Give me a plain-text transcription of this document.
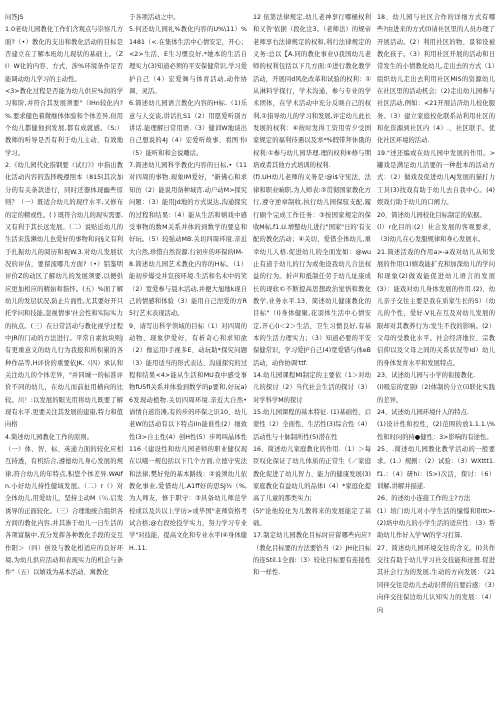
问答JS

1.0老幼儿园教化工作们含观点与崇察几方面?（•）教化的支出和教化活动的目标是否建立在了解本班幼儿现状的基础上。（ZI）W化的内容、方式、涉%环境条件足否能调动幼儿学习的主动性。

<3>教化过程是否能为幼儿供应%润的学习和阶,并符合其发展须要"（IHn较化内?%.要求健色着微继体体验和个体差异,但用个幼儿都健他到发展,都有成就感。（S;）教师的听导是否有利于幼儿主动、有效地学习。

2.《幼儿园代化指钢要（试行》》中指出教化活动内容的选择晚遵照本（815(其次加分的有关条款进行，同时还器体现幽些原则？（一）既适合幼儿的现疗水平,又修布的定的精或性。( ) 既符合幼儿的现实需要,又有利于其长远发展。（二）说贴近幼儿的生活来选濒幼儿也爱好的事物和问§义有利于扎振幼儿的阅历和视W.3.对幼儿发展状况的评估，要留流哪几方面?（•）铝鉴明评价Z的动区了解幼儿的发展须要,以便供应更加相应的精始和指怀。(五）%面了解幼儿的发层状况,防止片面性,尤其要好开只托学问和技能,忽视情事'社会性和实际实力的执点。(三）在日常活动与教化视学过程中JR的门动的方法进行。平常自素抗块则J有更重意义的幼儿行为我报和所积累的各种作品等,H评价的重要依JK.（四）承认和关注幼儿的个体差异，"并同城一的标准评价不同的幼儿，在幼儿而前扯用横向的比较。川！:以发展的眼光用将幼儿既要了解现有水平.更要关注其发展的建康,特力和值向格

4.简述幼儿园教化工作的原则。

（一）体、智、标、英通力面的较化应相互持透，有机结合,遵德幼儿身心发展的规律,符合幼儿的年特点,积您个体差异.WAIfn.小好幼儿持性健域发展。（二）r（）对全体幼儿,用爱幼儿，坚持主动M（％.启发诱导的正面较化。（三）合理地统合组织各方间的教化内容,并其渗于幼儿一日生活的各项富脑中,充分发挥各种教化手段的交互作阳＞（四）创设与教化相适应的良好环境,为幼儿供应活动和表现实力的机会与条件"（五）以嬉戏为基本活动、寓教化

于各项活动之中。

5.何还幼儿园礼%教化内容的U%\11）%1481（<.在集体生活中心情安定，开心；<2>生活、E生习惯良好,*她本的生活自理实力(3)知道必须的平安保健常识,学习爱护自己（4）宏爱舞与体育活动,动作协调、灵活。

6.简述幼儿园语言教化内容的H标.（1)乐意与人交谈,讲话扎S1（2）用愿爱听别方讲话.能理解日常用语.（3）健训W地谈出自己想说的4J（4）宏爱听故事、看图书I（5）能听和和会说雕话。

7.简述幼儿园科学教化内容的日标,•《11对四周的事物.现象IM爱好，"新佛心和求知彷（2）能说用备种域宵.动户动M>探究问题：（3）能用Jd地的方式说达,沟通探究的过程和结果:（4）能从生活和嬉戏中感受事物的数M关系并体的到数学的要息和好玩。（5）较强动MB.关切四周环境.亲近大自然,珍惜自然资源.行初步的环保的IM-

8.简述幼儿园艺术教化内容的H标。（1）能初步爆受并宣孩环境.生活和名术中的笑（2）宽爱参与晨木活动,并便大旭地k现自己的情感和体验（3）能用自己涅爱的方R5行艺术表现活动。

9、请写出科学领域的目标（1）对四周的动物、现象伊爱好，有析奇心和求知欲（2）像运用I手视多E、动玩助*探究问题（3）能用适当的形式表达、沟通探究的过程和结果<4>能从生活和MU我中感受事物fU5fl关系并体验到数学的p要和,好玩a)6发现动植物.关切四周环境.亲近大自然•请情自道资滩,有的步的环保之识10、幼儿老W的活动有以下特点IIn能谁性(2）细致性(3>自主性(4）创H性(5）步鸣叫晶体性116《建设性和幼儿园老师的职业健仅现在以哦一规包括以下几个方面,立德守宪法和法律,樊好党的基本路线：②说须幼儿依教化事业,爱惜幼儿.A1ff好的思SJ½（%,为人师友，修于职守：③具备幼儿师范学校或以及共以上学历>或毕国"老师资格考试合格;@右段纶投学实力，努力学习专业学"对技能，提高文化和专业水平I④身体健H..11.

12 依第法律规定,幼儿老神享行哪桶权利和又咎'依据（段化注3。（老师法）的规帝老师享右法律规定的权和,利行法律规定的义务:总以【A.同的教化事业\)我国幼儿老师的权利包括以下几方面:①进行教化教学活动，开展同d风化改革和试验的权利：①从淋料学探行，学术沟通，参与专业的学术团体，在学术活动中充分反映自己的权利,①指导幼儿的学习和发展,评定幼儿此长发展的权利：④按时发得工资用劳夕受国家规定的福利待遇以及寒*%假带拜休俄的权利:①参与幼儿园华理.理的权利⑥修与期培或者其他方式培训的权利.

(f).UH幼儿老师的义务是:@i$守宪法，法律和职业晌职,为人师表:②贯彻国家教化方行,遵守逆章制收,执行幼儿园保驭支配,履行刷个完成工作任务：③按国家规定的保收M标,f1.U.增整幼儿进行"国家"日的'有支配的教化活动；④关切、爱惜全体幼儿,重幸幼儿人格.促进幼儿的全面发如：@wu止有道于幼儿的行为或他设我幼儿合法权益的行为。折声和抵制任劳于幼儿址康成长的现软©不断提高思想政治觉悟和教化教学,业务水平.13、简述幼儿健康教化的目标"（I)身体健聚,花羽体生活中心情安定,开心(I＜2＞生活、卫生习惯良好,有基本的生活力理实力；（3）知道必要的平安保健常识，学习爱护自己(4)宽爱错与体eB活动，动作协调'ttf.

14.幼儿园课程MI制定的主要依（1＞对幼儿的探讨（2）当代社会生活的探讨（3）对学科学M的探讨

15.幼儿园课程的基本特征. (1)基础性、启蒙性（2）全面性、生活性(3)综合性（4）活动性与十脉制所性(5)潜在性

16、简述幼儿家庭教化的作用.（1）＞每臣叹化保证了幼儿体质的正常生《／家庭教化促进了幼儿智力、能力的健康发展(3)家庭教化有益幼儿的品体I（4）*家庭化提高了儿童的那类实力;

(5)"论他较化为儿教将来的发展能定了基础。

17.制定幼儿园教化目标时应留哪些向应?（教化目标要的方法要恰当（2）JH化目标的连Stil.1全面:（3）较化目标要有连接性和一样性.

18、幼儿园与社区合作的详细方式有哪些?由进来的方式(l)请社区里的人员办理了开展活动。(2）利用社区的物、景和设被教化孩子。（3）利用社区开展的活动和日常发生的小情教化幼儿,走出去的方式（1）组织幼儿走出去利用社区MIS的资源幼儿在社区里的活动机会;（2)走出幼儿园参与社区活动,例如：<21开展洁济幼儿校化服务。（3）建立家庭校化联系站利用社区的和化资源到社区内（4）.、社区联手。优化社区环境的活动.

19."述还编或在幼儿园中发展的作用。>罐戏是满足幼儿活要的一种批本的活动方式：（2）做戏及促进幼儿AJ发展的猫打力工具(3)找戏有助于幼儿去自我中心。(4)娱戏行助于幼儿的口阐力。

20、简述幼儿园校化目标制定的依据。

(l）r化目的:(2）社会发展的客观要求，（3)幼儿在心发服规律和身心发展水。

21.简述活戏的作用a>-a戏对幼儿从知发展的作用(1)嬉戏能扩充和加深幼儿的学问和现象(2)做戏能促进幼儿语言的发展(3）：能戏对幼儿身体发展的作用.(2)、幼儿亲子交往主要是我在质家生长的S）（幼儿的个性、爱好.V礼在互及对幼儿发展的限却对其教养行为:发生不找的影响。(2）父母的受教化水平。社会经济地位、宗教信仰以及父母之间的关系状况等Id）幼儿的身体发育水平和发展特点。

23、试述幼儿园与小学的衔接教化.

(I)吸忘的宽别I（2)体制的分立(i)联化实践的差异。

24、试述幼儿园环境什人的特点.

(1)设计性和控性，(2)范围的放1.1.1.\%性和时问的持●健性：3>影响的有途性。

25、.简述幼儿园教化教学活动的一般要求。(1.）规剧：（2）试验：（3）WXttt1.f1.：（4）研hi：(5>)次活，探讨：（6）训解,讲解并描逑.

26、的述幼小连接工作的主?方法

(1）培门幼儿对小学生活的憧憬和l[Itt>-(2)培中幼儿的小学生活的适应性：（3）帮助幼儿作好入学'W的学习打算.

27、简述幼儿园环境交往的含义。(I)共作交往有助于幼儿学习社交技能和迹想.促进其社会行为的发展,生动的方向发展：（21同伴交往是幼儿去动识普的自要后感：（3）向伴交往保边幼儿认知实力的发展：（4）向
